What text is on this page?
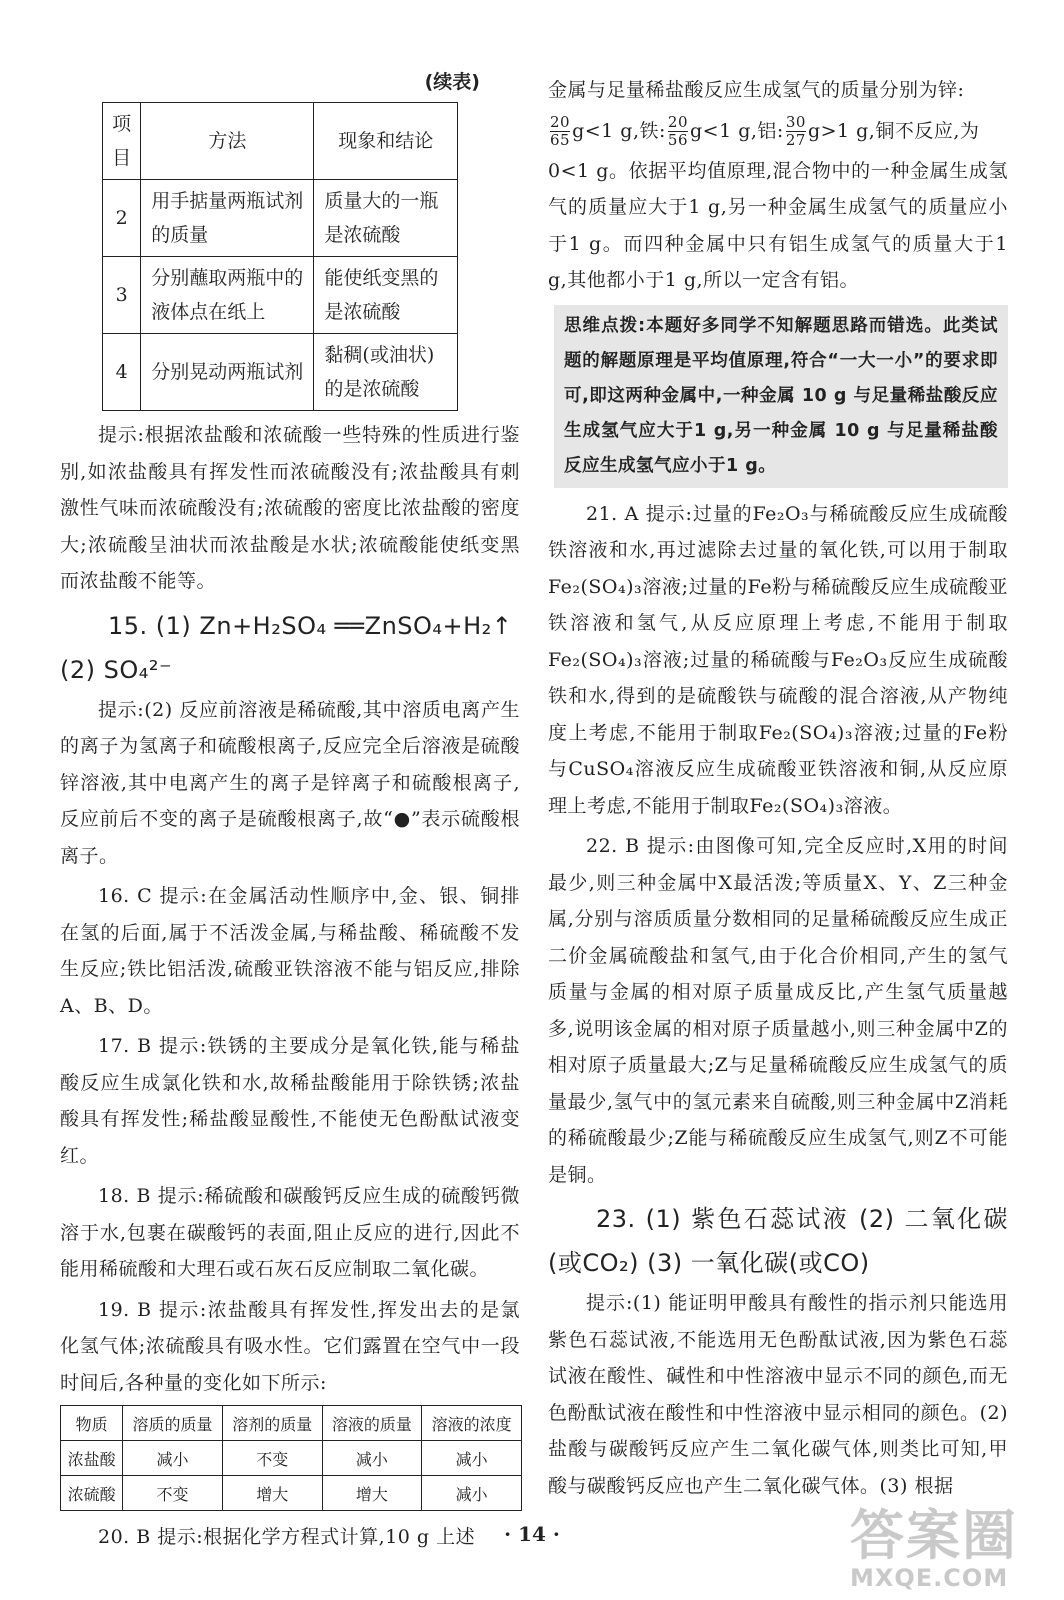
(续表)
项目	方法	现象和结论
2	用手掂量两瓶试剂的质量	质量大的一瓶是浓硫酸
3	分别蘸取两瓶中的液体点在纸上	能使纸变黑的是浓硫酸
4	分别晃动两瓶试剂	黏稠(或油状)的是浓硫酸

提示:根据浓盐酸和浓硫酸一些特殊的性质进行鉴别,如浓盐酸具有挥发性而浓硫酸没有;浓盐酸具有刺激性气味而浓硫酸没有;浓硫酸的密度比浓盐酸的密度大;浓硫酸呈油状而浓盐酸是水状;浓硫酸能使纸变黑而浓盐酸不能等。

15. (1) Zn+H₂SO₄ ══ZnSO₄+H₂↑

(2) SO₄²⁻

提示:(2) 反应前溶液是稀硫酸,其中溶质电离产生的离子为氢离子和硫酸根离子,反应完全后溶液是硫酸锌溶液,其中电离产生的离子是锌离子和硫酸根离子,反应前后不变的离子是硫酸根离子,故“●”表示硫酸根离子。

16. C 提示:在金属活动性顺序中,金、银、铜排在氢的后面,属于不活泼金属,与稀盐酸、稀硫酸不发生反应;铁比铝活泼,硫酸亚铁溶液不能与铝反应,排除A、B、D。

17. B 提示:铁锈的主要成分是氧化铁,能与稀盐酸反应生成氯化铁和水,故稀盐酸能用于除铁锈;浓盐酸具有挥发性;稀盐酸显酸性,不能使无色酚酞试液变红。

18. B 提示:稀硫酸和碳酸钙反应生成的硫酸钙微溶于水,包裹在碳酸钙的表面,阻止反应的进行,因此不能用稀硫酸和大理石或石灰石反应制取二氧化碳。

19. B 提示:浓盐酸具有挥发性,挥发出去的是氯化氢气体;浓硫酸具有吸水性。它们露置在空气中一段时间后,各种量的变化如下所示:

物质	溶质的质量	溶剂的质量	溶液的质量	溶液的浓度
浓盐酸	减小	不变	减小	减小
浓硫酸	不变	增大	增大	减小

20. B 提示:根据化学方程式计算,10 g 上述

金属与足量稀盐酸反应生成氢气的质量分别为锌:

$\frac{20}{65} g<1$ g,铁: $\frac{20}{56} g<1$ g,铝: $\frac{30}{27} g>1$ g,铜不反应,为

0<1 g。依据平均值原理,混合物中的一种金属生成氢气的质量应大于1 g,另一种金属生成氢气的质量应小于1 g。而四种金属中只有铝生成氢气的质量大于1 g,其他都小于1 g,所以一定含有铝。

思维点拨:本题好多同学不知解题思路而错选。此类试题的解题原理是平均值原理,符合“一大一小”的要求即可,即这两种金属中,一种金属 10 g 与足量稀盐酸反应生成氢气应大于1 g,另一种金属 10 g 与足量稀盐酸反应生成氢气应小于1 g。

21. A 提示:过量的Fe₂O₃与稀硫酸反应生成硫酸铁溶液和水,再过滤除去过量的氧化铁,可以用于制取Fe₂(SO₄)₃溶液;过量的Fe粉与稀硫酸反应生成硫酸亚铁溶液和氢气,从反应原理上考虑,不能用于制取Fe₂(SO₄)₃溶液;过量的稀硫酸与Fe₂O₃反应生成硫酸铁和水,得到的是硫酸铁与硫酸的混合溶液,从产物纯度上考虑,不能用于制取Fe₂(SO₄)₃溶液;过量的Fe粉与CuSO₄溶液反应生成硫酸亚铁溶液和铜,从反应原理上考虑,不能用于制取Fe₂(SO₄)₃溶液。

22. B 提示:由图像可知,完全反应时,X用的时间最少,则三种金属中X最活泼;等质量X、Y、Z三种金属,分别与溶质质量分数相同的足量稀硫酸反应生成正二价金属硫酸盐和氢气,由于化合价相同,产生的氢气质量与金属的相对原子质量成反比,产生氢气质量越多,说明该金属的相对原子质量越小,则三种金属中Z的相对原子质量最大;Z与足量稀硫酸反应生成氢气的质量最少,氢气中的氢元素来自硫酸,则三种金属中Z消耗的稀硫酸最少;Z能与稀硫酸反应生成氢气,则Z不可能是铜。

23. (1) 紫色石蕊试液 (2) 二氧化碳(或CO₂) (3) 一氧化碳(或CO)

提示:(1) 能证明甲酸具有酸性的指示剂只能选用紫色石蕊试液,不能选用无色酚酞试液,因为紫色石蕊试液在酸性、碱性和中性溶液中显示不同的颜色,而无色酚酞试液在酸性和中性溶液中显示相同的颜色。(2) 盐酸与碳酸钙反应产生二氧化碳气体,则类比可知,甲酸与碳酸钙反应也产生二氧化碳气体。(3) 根据

· 14 ·	答案圈
MXQE.COM
